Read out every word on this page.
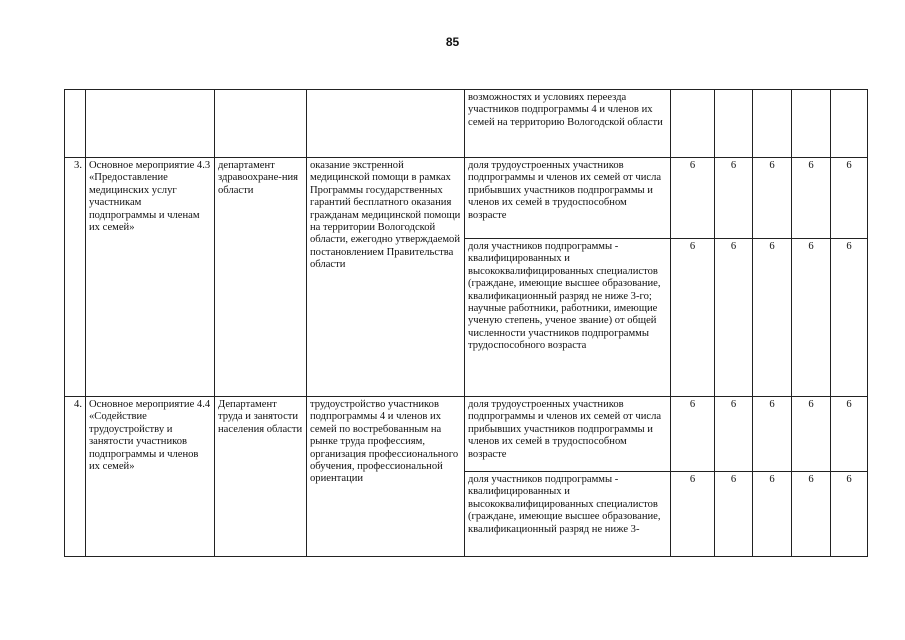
85
				возможностях и условиях переезда участников подпрограммы 4 и членов их семей на территорию Вологодской области					
3.	Основное мероприятие 4.3 «Предоставление медицинских услуг участникам подпрограммы и членам их семей»	департамент здравоохране-ния области	оказание экстренной медицинской помощи в рамках Программы государственных гарантий бесплатного оказания гражданам медицинской помощи на территории Вологодской области, ежегодно утверждаемой постановлением Правительства области	доля трудоустроенных участников подпрограммы и членов их семей от числа прибывших участников подпрограммы и членов их семей в трудоспособном возрасте	6	6	6	6	6
				доля участников подпрограммы - квалифицированных и высококвалифицированных специалистов (граждане, имеющие высшее образование, квалификационный разряд не ниже 3-го; научные работники, работники, имеющие ученую степень, ученое звание) от общей численности участников подпрограммы трудоспособного возраста	6	6	6	6	6
4.	Основное мероприятие 4.4 «Содействие трудоустройству и занятости участников подпрограммы и членов их семей»	Департамент труда и занятости населения области	трудоустройство участников подпрограммы 4 и членов их семей по востребованным на рынке труда профессиям, организация профессионального обучения, профессиональной ориентации	доля трудоустроенных участников подпрограммы и членов их семей от числа прибывших участников подпрограммы и членов их семей в трудоспособном возрасте	6	6	6	6	6
				доля участников подпрограммы - квалифицированных и высококвалифицированных специалистов (граждане, имеющие высшее образование, квалификационный разряд не ниже 3-	6	6	6	6	6
